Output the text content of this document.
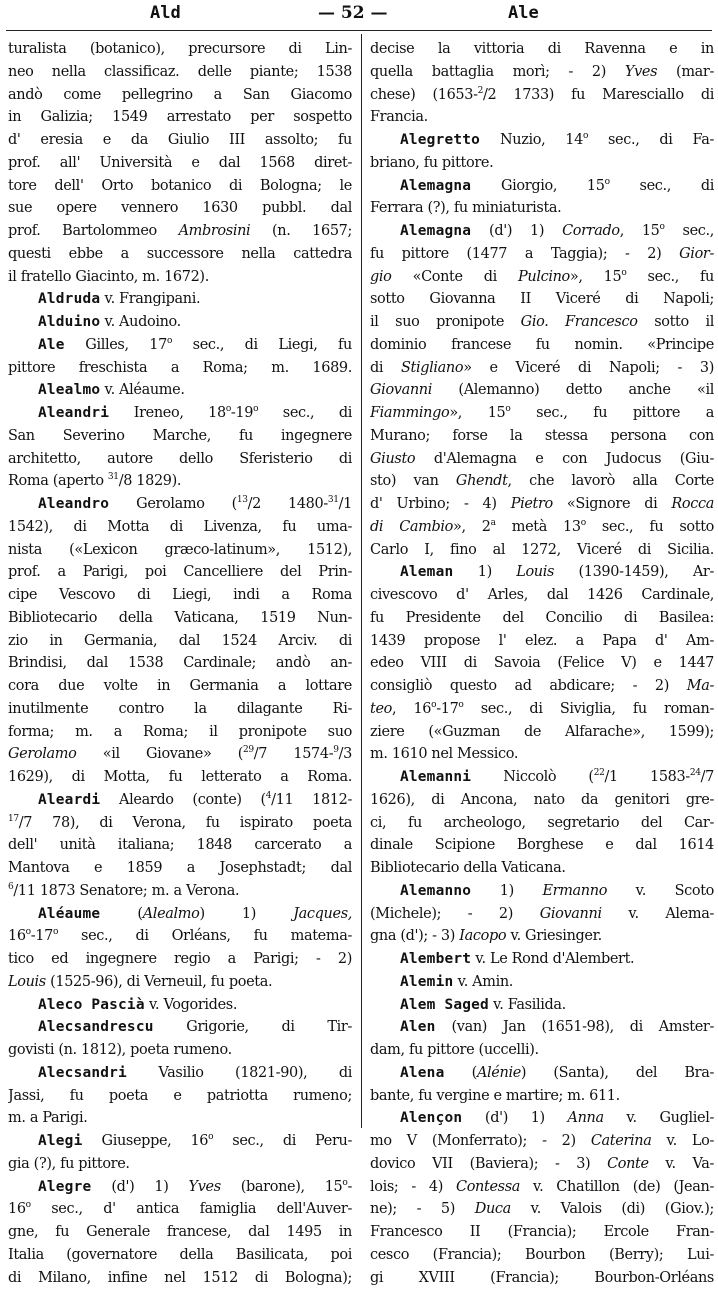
Ald	— 52 —	Ale
turalista (botanico), precursore di Lin-
neo nella classificaz. delle piante; 1538
andò come pellegrino a San Giacomo
in Galizia; 1549 arrestato per sospetto
d' eresia e da Giulio III assolto; fu
prof. all' Università e dal 1568 diret-
tore dell' Orto botanico di Bologna; le
sue opere vennero 1630 pubbl. dal
prof. Bartolommeo Ambrosini (n. 1657;
questi ebbe a successore nella cattedra
il fratello Giacinto, m. 1672).
Aldruda v. Frangipani.
Alduino v. Audoino.
Ale Gilles, 17$^o$ sec., di Liegi, fu
pittore freschista a Roma; m. 1689.
Alealmo v. Aléaume.
Aleandri Ireneo, 18$^o$-19$^o$ sec., di
San Severino Marche, fu ingegnere
architetto, autore dello Sferisterio di
Roma (aperto $^{31}$/8 1829).
Aleandro Gerolamo ($^{13}$/2 1480-$^{31}$/1
1542), di Motta di Livenza, fu uma-
nista («Lexicon græco-latinum», 1512),
prof. a Parigi, poi Cancelliere del Prin-
cipe Vescovo di Liegi, indi a Roma
Bibliotecario della Vaticana, 1519 Nun-
zio in Germania, dal 1524 Arciv. di
Brindisi, dal 1538 Cardinale; andò an-
cora due volte in Germania a lottare
inutilmente contro la dilagante Ri-
forma; m. a Roma; il pronipote suo
Gerolamo «il Giovane» ($^{29}$/7 1574-$^9$/3
1629), di Motta, fu letterato a Roma.
Aleardi Aleardo (conte) ($^4$/11 1812-
$^{17}$/7 78), di Verona, fu ispirato poeta
dell' unità italiana; 1848 carcerato a
Mantova e 1859 a Josephstadt; dal
$^6$/11 1873 Senatore; m. a Verona.
Aléaume (Alealmo) 1) Jacques,
16$^o$-17$^o$ sec., di Orléans, fu matema-
tico ed ingegnere regio a Parigi; - 2)
Louis (1525-96), di Verneuil, fu poeta.
Aleco Pascià v. Vogorides.
Alecsandrescu Grigorie, di Tir-
govisti (n. 1812), poeta rumeno.
Alecsandri Vasilio (1821-90), di
Jassi, fu poeta e patriotta rumeno;
m. a Parigi.
Alegi Giuseppe, 16$^o$ sec., di Peru-
gia (?), fu pittore.
Alegre (d') 1) Yves (barone), 15$^o$-
16$^o$ sec., d' antica famiglia dell'Auver-
gne, fu Generale francese, dal 1495 in
Italia (governatore della Basilicata, poi
di Milano, infine nel 1512 di Bologna);
decise la vittoria di Ravenna e in
quella battaglia morì; - 2) Yves (mar-
chese) (1653-$^2$/2 1733) fu Maresciallo di
Francia.
Alegretto Nuzio, 14$^o$ sec., di Fa-
briano, fu pittore.
Alemagna Giorgio, 15$^o$ sec., di
Ferrara (?), fu miniaturista.
Alemagna (d') 1) Corrado, 15$^o$ sec.,
fu pittore (1477 a Taggia); - 2) Gior-
gio «Conte di Pulcino», 15$^o$ sec., fu
sotto Giovanna II Viceré di Napoli;
il suo pronipote Gio. Francesco sotto il
dominio francese fu nomin. «Principe
di Stigliano» e Viceré di Napoli; - 3)
Giovanni (Alemanno) detto anche «il
Fiammingo», 15$^o$ sec., fu pittore a
Murano; forse la stessa persona con
Giusto d'Alemagna e con Judocus (Giu-
sto) van Ghendt, che lavorò alla Corte
d' Urbino; - 4) Pietro «Signore di Rocca
di Cambio», 2$^a$ metà 13$^o$ sec., fu sotto
Carlo I, fino al 1272, Viceré di Sicilia.
Aleman 1) Louis (1390-1459), Ar-
civescovo d' Arles, dal 1426 Cardinale,
fu Presidente del Concilio di Basilea:
1439 propose l' elez. a Papa d' Am-
edeo VIII di Savoia (Felice V) e 1447
consigliò questo ad abdicare; - 2) Ma-
teo, 16$^o$-17$^o$ sec., di Siviglia, fu roman-
ziere («Guzman de Alfarache», 1599);
m. 1610 nel Messico.
Alemanni Niccolò ($^{22}$/1 1583-$^{24}$/7
1626), di Ancona, nato da genitori gre-
ci, fu archeologo, segretario del Car-
dinale Scipione Borghese e dal 1614
Bibliotecario della Vaticana.
Alemanno 1) Ermanno v. Scoto
(Michele); - 2) Giovanni v. Alema-
gna (d'); - 3) Iacopo v. Griesinger.
Alembert v. Le Rond d'Alembert.
Alemin v. Amin.
Alem Saged v. Fasilida.
Alen (van) Jan (1651-98), di Amster-
dam, fu pittore (uccelli).
Alena (Alénie) (Santa), del Bra-
bante, fu vergine e martire; m. 611.
Alençon (d') 1) Anna v. Gugliel-
mo V (Monferrato); - 2) Caterina v. Lo-
dovico VII (Baviera); - 3) Conte v. Va-
lois; - 4) Contessa v. Chatillon (de) (Jean-
ne); - 5) Duca v. Valois (di) (Giov.);
Francesco II (Francia); Ercole Fran-
cesco (Francia); Bourbon (Berry); Lui-
gi XVIII (Francia); Bourbon-Orléans
